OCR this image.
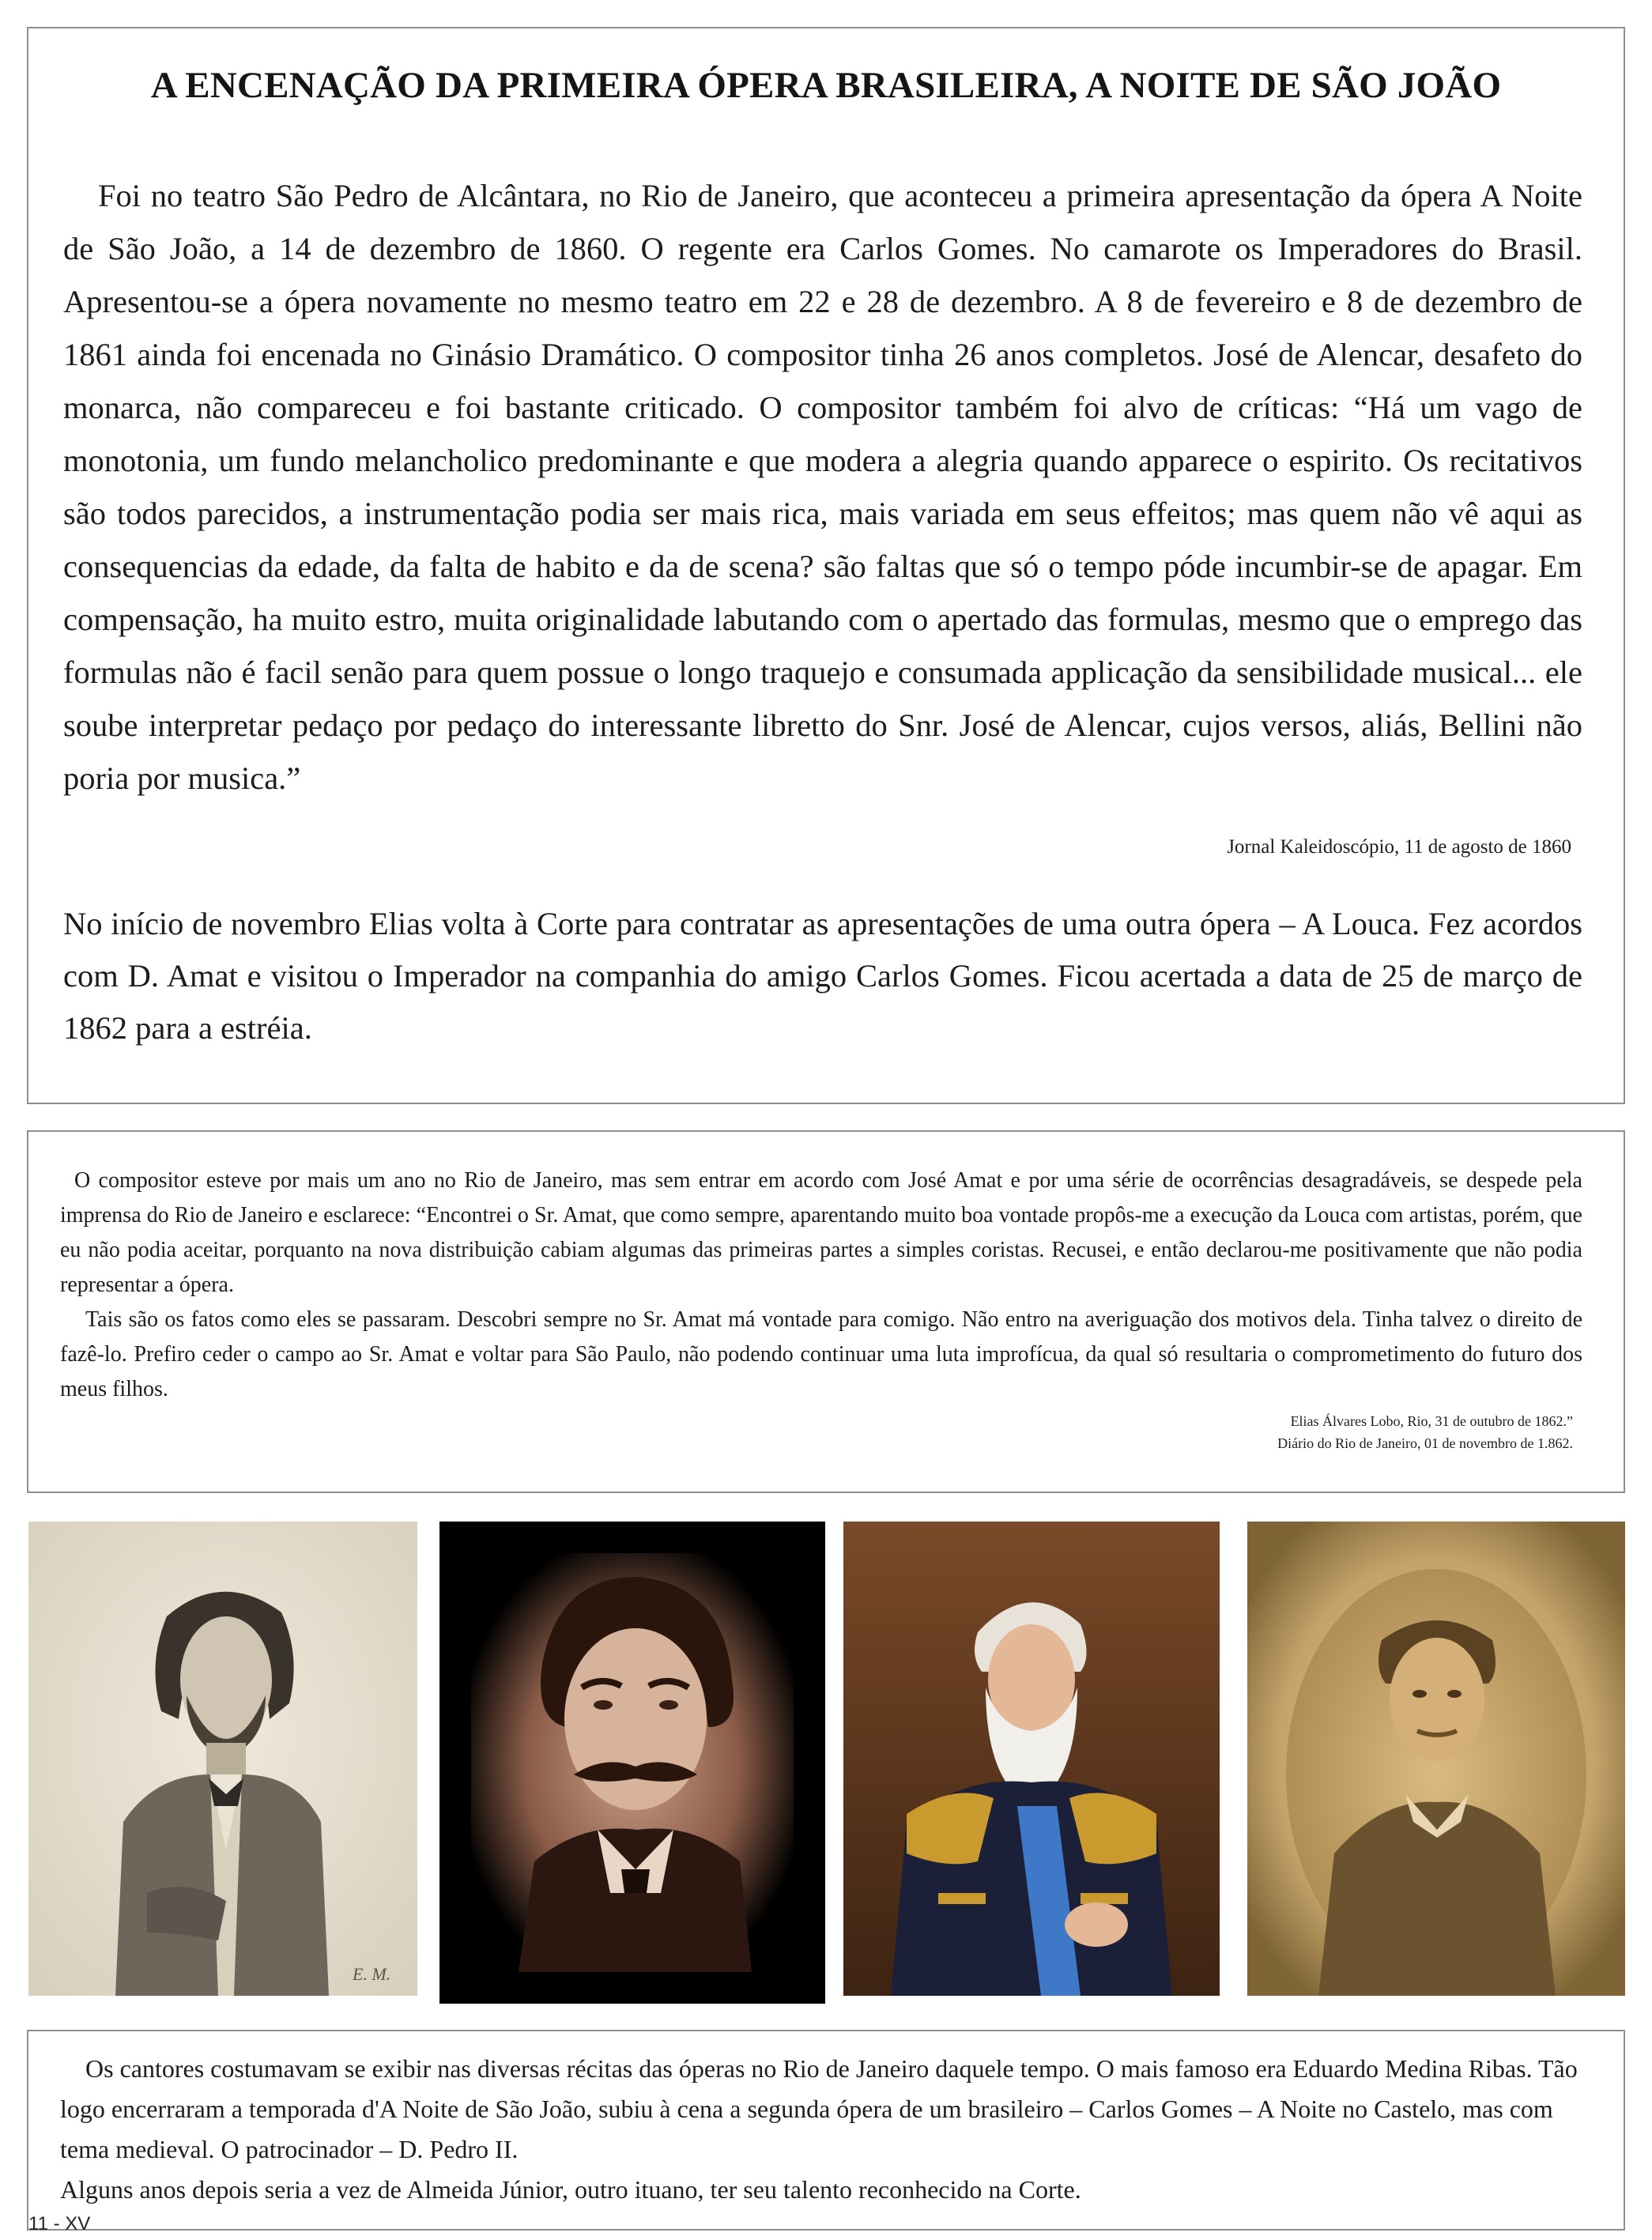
A ENCENAÇÃO DA PRIMEIRA ÓPERA BRASILEIRA, A NOITE DE SÃO JOÃO

Foi no teatro São Pedro de Alcântara, no Rio de Janeiro, que aconteceu a primeira apresentação da ópera A Noite de São João, a 14 de dezembro de 1860. O regente era Carlos Gomes. No camarote os Imperadores do Brasil. Apresentou-se a ópera novamente no mesmo teatro em 22 e 28 de dezembro. A 8 de fevereiro e 8 de dezembro de 1861 ainda foi encenada no Ginásio Dramático. O compositor tinha 26 anos completos. José de Alencar, desafeto do monarca, não compareceu e foi bastante criticado. O compositor também foi alvo de críticas: “Há um vago de monotonia, um fundo melancholico predominante e que modera a alegria quando apparece o espirito. Os recitativos são todos parecidos, a instrumentação podia ser mais rica, mais variada em seus effeitos; mas quem não vê aqui as consequencias da edade, da falta de habito e da de scena? são faltas que só o tempo póde incumbir-se de apagar. Em compensação, ha muito estro, muita originalidade labutando com o apertado das formulas, mesmo que o emprego das formulas não é facil senão para quem possue o longo traquejo e consumada applicação da sensibilidade musical... ele soube interpretar pedaço por pedaço do interessante libretto do Snr. José de Alencar, cujos versos, aliás, Bellini não poria por musica.”

Jornal Kaleidoscópio, 11 de agosto de 1860

No início de novembro Elias volta à Corte para contratar as apresentações de uma outra ópera – A Louca. Fez acordos com D. Amat e visitou o Imperador na companhia do amigo Carlos Gomes. Ficou acertada a data de 25 de março de 1862 para a estréia.

O compositor esteve por mais um ano no Rio de Janeiro, mas sem entrar em acordo com José Amat e por uma série de ocorrências desagradáveis, se despede pela imprensa do Rio de Janeiro e esclarece: “Encontrei o Sr. Amat, que como sempre, aparentando muito boa vontade propôs-me a execução da Louca com artistas, porém, que eu não podia aceitar, porquanto na nova distribuição cabiam algumas das primeiras partes a simples coristas. Recusei, e então declarou-me positivamente que não podia representar a ópera.
Tais são os fatos como eles se passaram. Descobri sempre no Sr. Amat má vontade para comigo. Não entro na averiguação dos motivos dela. Tinha talvez o direito de fazê-lo. Prefiro ceder o campo ao Sr. Amat e voltar para São Paulo, não podendo continuar uma luta improfícua, da qual só resultaria o comprometimento do futuro dos meus filhos.

Elias Álvares Lobo, Rio, 31 de outubro de 1862.”
Diário do Rio de Janeiro, 01 de novembro de 1.862.
E. M.

Os cantores costumavam se exibir nas diversas récitas das óperas no Rio de Janeiro daquele tempo. O mais famoso era Eduardo Medina Ribas. Tão logo encerraram a temporada d'A Noite de São João, subiu à cena a segunda ópera de um brasileiro – Carlos Gomes – A Noite no Castelo, mas com tema medieval. O patrocinador – D. Pedro II.
Alguns anos depois seria a vez de Almeida Júnior, outro ituano, ter seu talento reconhecido na Corte.

11 - XV
